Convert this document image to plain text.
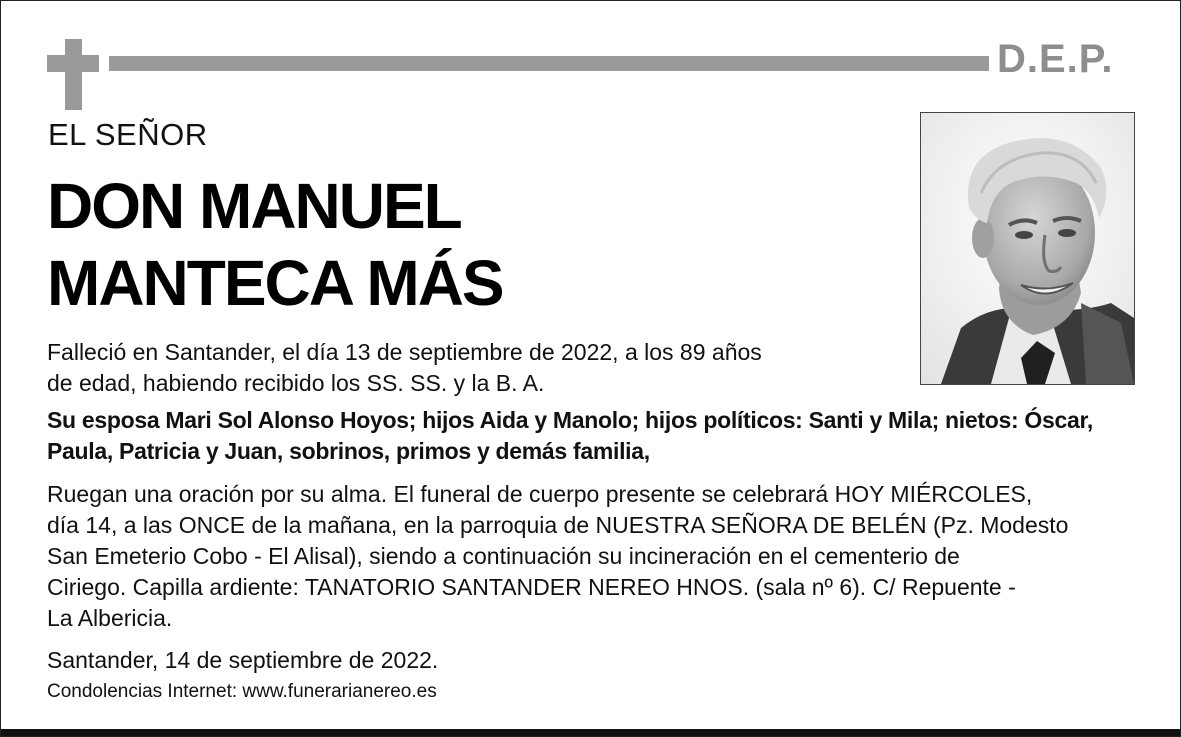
D.E.P.
EL SEÑOR
DON MANUEL
MANTECA MÁS
Falleció en Santander, el día 13 de septiembre de 2022, a los 89 años
de edad, habiendo recibido los SS. SS. y la B. A.
Su esposa Mari Sol Alonso Hoyos; hijos Aida y Manolo; hijos políticos: Santi y Mila; nietos: Óscar,
Paula, Patricia y Juan, sobrinos, primos y demás familia,
Ruegan una oración por su alma. El funeral de cuerpo presente se celebrará HOY MIÉRCOLES,
día 14, a las ONCE de la mañana, en la parroquia de NUESTRA SEÑORA DE BELÉN (Pz. Modesto
San Emeterio Cobo - El Alisal), siendo a continuación su incineración en el cementerio de
Ciriego. Capilla ardiente: TANATORIO SANTANDER NEREO HNOS. (sala nº 6). C/ Repuente -
La Albericia.
Santander, 14 de septiembre de 2022.
Condolencias Internet: www.funerarianereo.es
